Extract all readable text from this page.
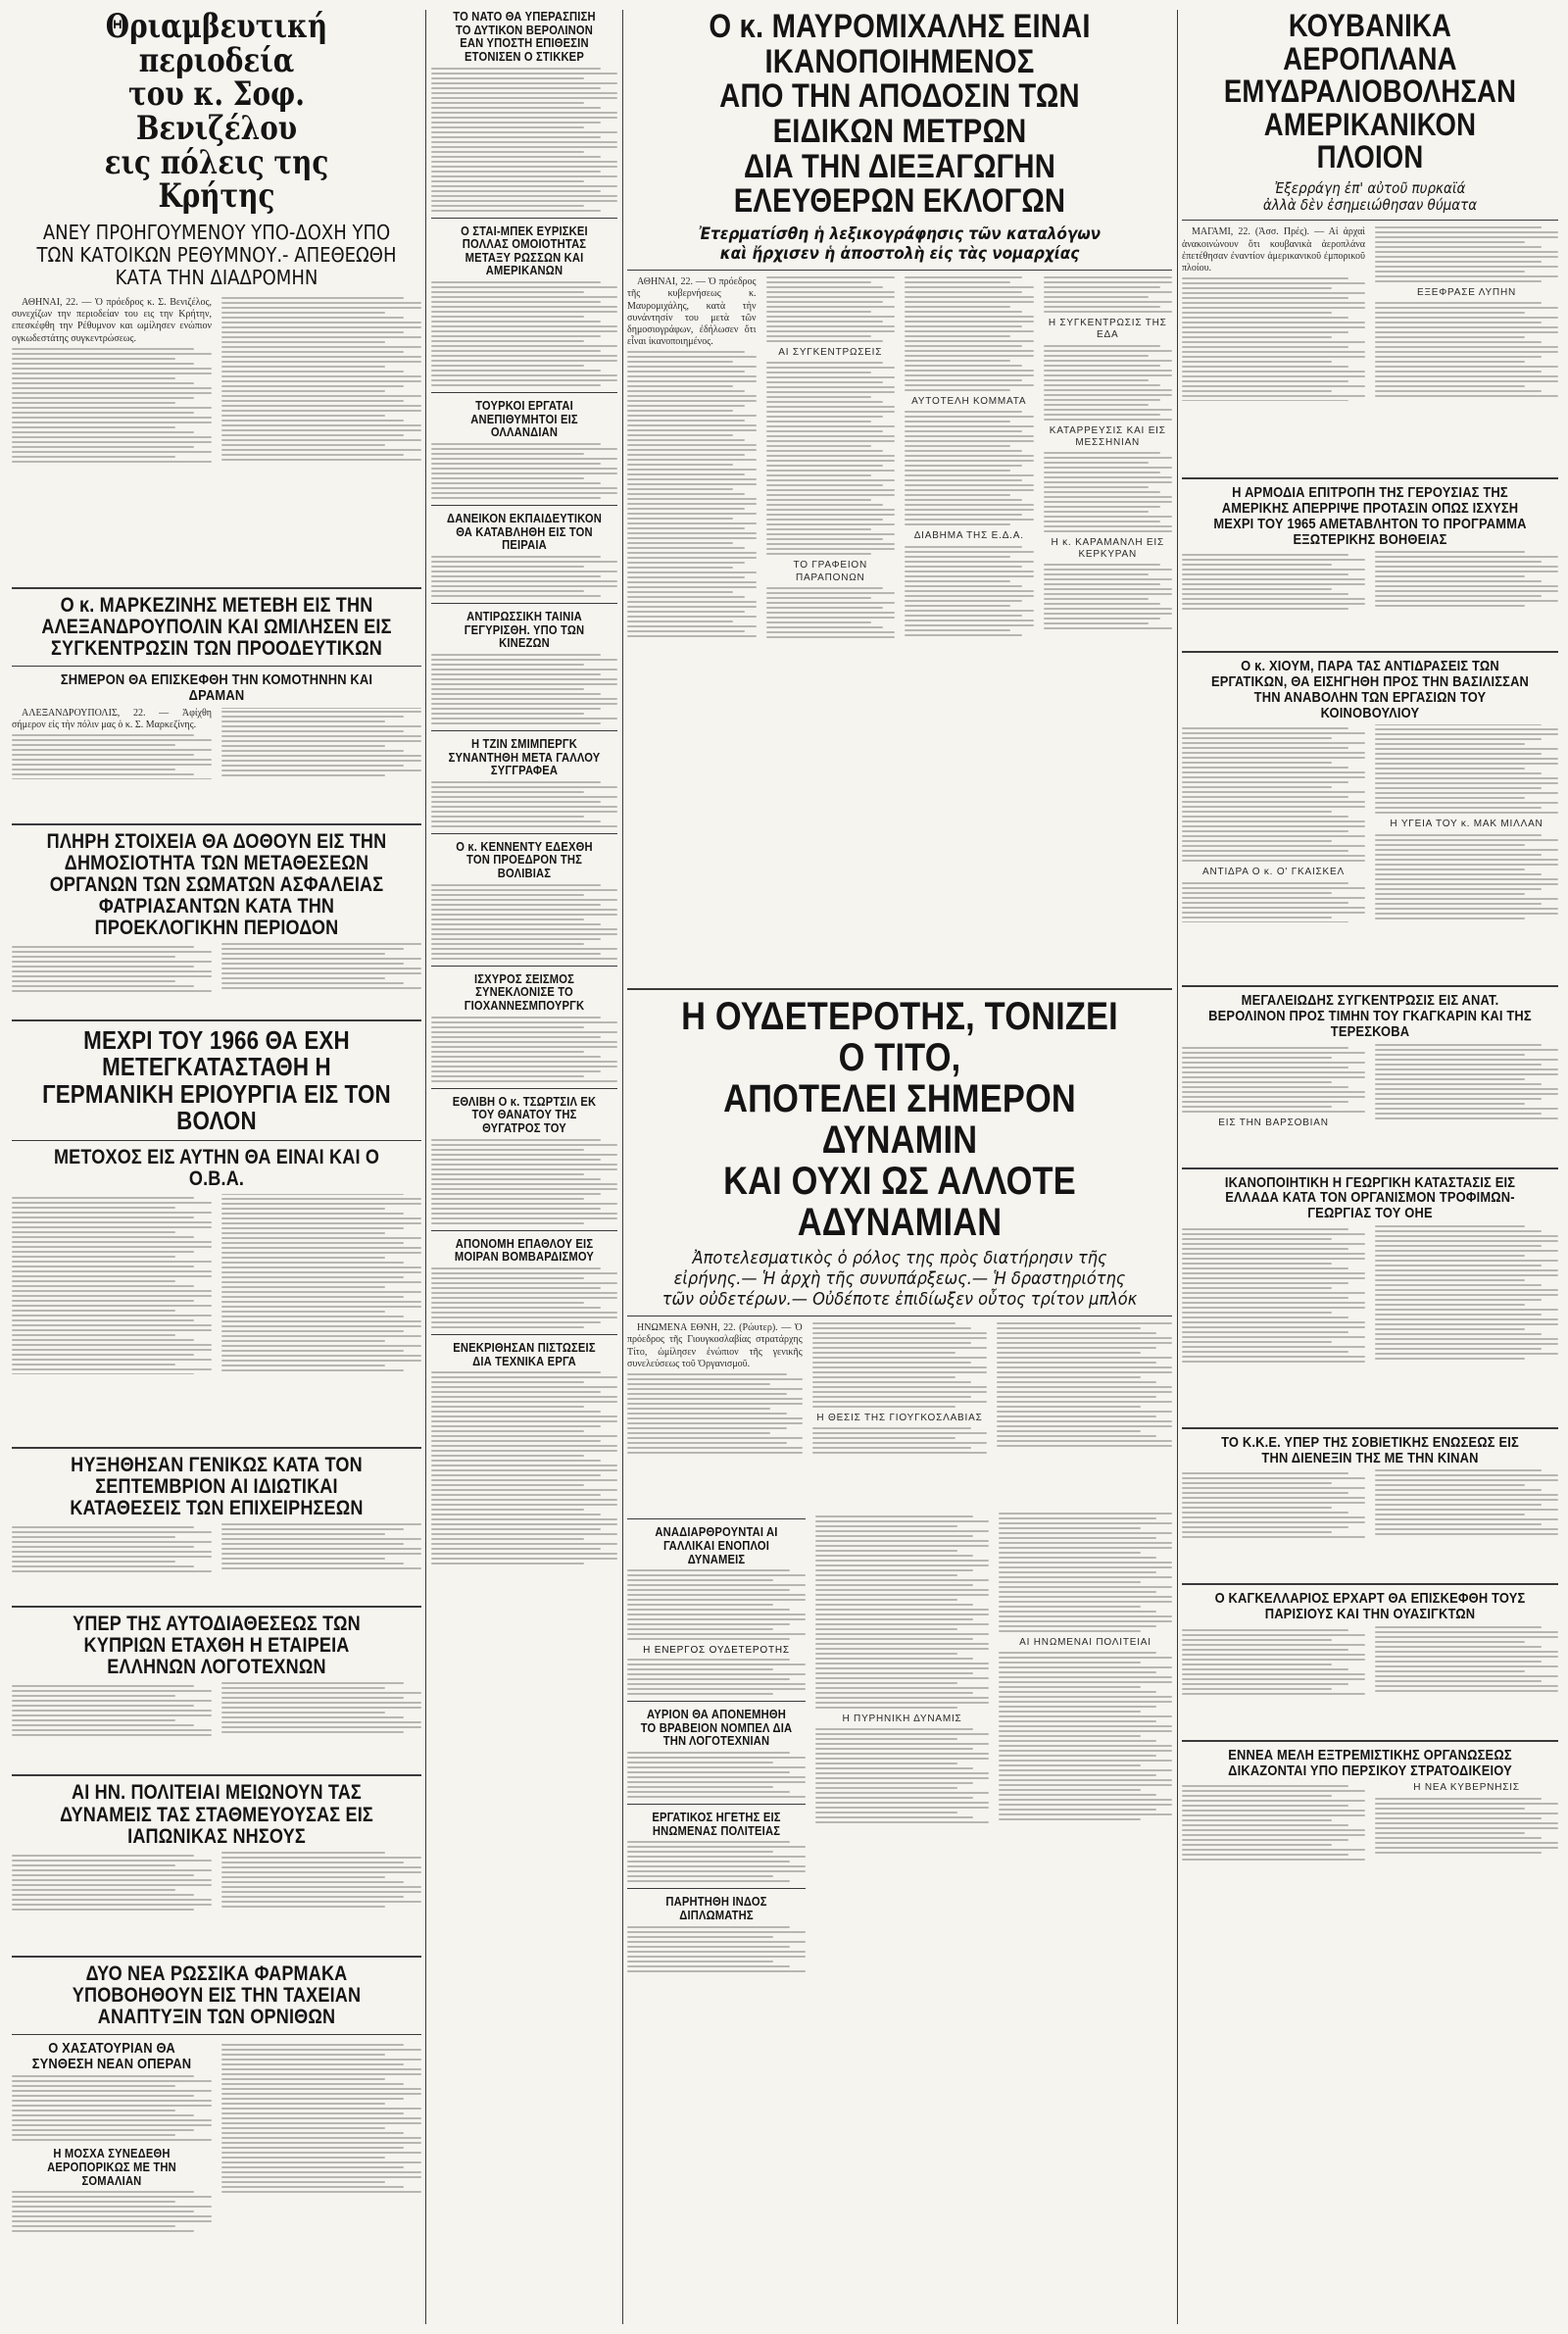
Θριαμβευτική περιοδεία
του κ. Σοφ. Βενιζέλου
εις πόλεις της Κρήτης
ΑΝΕΥ ΠΡΟΗΓΟΥΜΕΝΟΥ ΥΠΟ-ΔΟΧΗ ΥΠΟ ΤΩΝ ΚΑΤΟΙΚΩΝ ΡΕΘΥΜΝΟΥ.- ΑΠΕΘΕΩΘΗ ΚΑΤΑ ΤΗΝ ΔΙΑΔΡΟΜΗΝ

ΑΘΗΝΑΙ, 22. — Ὁ πρόεδρος κ. Σ. Βενιζέλος, συνεχίζων την περιοδείαν του εις την Κρήτην, επεσκέφθη την Ρέθυμνον και ωμίλησεν ενώπιον ογκωδεστάτης συγκεντρώσεως.

Ο κ. ΜΑΡΚΕΖΙΝΗΣ ΜΕΤΕΒΗ ΕΙΣ ΤΗΝ ΑΛΕΞΑΝΔΡΟΥΠΟΛΙΝ ΚΑΙ ΩΜΙΛΗΣΕΝ ΕΙΣ ΣΥΓΚΕΝΤΡΩΣΙΝ ΤΩΝ ΠΡΟΟΔΕΥΤΙΚΩΝ
ΣΗΜΕΡΟΝ ΘΑ ΕΠΙΣΚΕΦΘΗ ΤΗΝ ΚΟΜΟΤΗΝΗΝ ΚΑΙ ΔΡΑΜΑΝ

ΑΛΕΞΑΝΔΡΟΥΠΟΛΙΣ, 22. — Ἀφίχθη σήμερον εἰς τὴν πόλιν μας ὁ κ. Σ. Μαρκεζίνης.

ΠΛΗΡΗ ΣΤΟΙΧΕΙΑ ΘΑ ΔΟΘΟΥΝ ΕΙΣ ΤΗΝ ΔΗΜΟΣΙΟΤΗΤΑ ΤΩΝ ΜΕΤΑΘΕΣΕΩΝ ΟΡΓΑΝΩΝ ΤΩΝ ΣΩΜΑΤΩΝ ΑΣΦΑΛΕΙΑΣ ΦΑΤΡΙΑΣΑΝΤΩΝ ΚΑΤΑ ΤΗΝ ΠΡΟΕΚΛΟΓΙΚΗΝ ΠΕΡΙΟΔΟΝ
ΜΕΧΡΙ ΤΟΥ 1966 ΘΑ ΕΧΗ ΜΕΤΕΓΚΑΤΑΣΤΑΘΗ Η ΓΕΡΜΑΝΙΚΗ ΕΡΙΟΥΡΓΙΑ ΕΙΣ ΤΟΝ ΒΟΛΟΝ
ΜΕΤΟΧΟΣ ΕΙΣ ΑΥΤΗΝ ΘΑ ΕΙΝΑΙ ΚΑΙ Ο Ο.Β.Α.
ΗΥΞΗΘΗΣΑΝ ΓΕΝΙΚΩΣ ΚΑΤΑ ΤΟΝ ΣΕΠΤΕΜΒΡΙΟΝ ΑΙ ΙΔΙΩΤΙΚΑΙ ΚΑΤΑΘΕΣΕΙΣ ΤΩΝ ΕΠΙΧΕΙΡΗΣΕΩΝ
ΥΠΕΡ ΤΗΣ ΑΥΤΟΔΙΑΘΕΣΕΩΣ ΤΩΝ ΚΥΠΡΙΩΝ ΕΤΑΧΘΗ Η ΕΤΑΙΡΕΙΑ ΕΛΛΗΝΩΝ ΛΟΓΟΤΕΧΝΩΝ
ΑΙ ΗΝ. ΠΟΛΙΤΕΙΑΙ ΜΕΙΩΝΟΥΝ ΤΑΣ ΔΥΝΑΜΕΙΣ ΤΑΣ ΣΤΑΘΜΕΥΟΥΣΑΣ ΕΙΣ ΙΑΠΩΝΙΚΑΣ ΝΗΣΟΥΣ
ΔΥΟ ΝΕΑ ΡΩΣΣΙΚΑ ΦΑΡΜΑΚΑ ΥΠΟΒΟΗΘΟΥΝ ΕΙΣ ΤΗΝ ΤΑΧΕΙΑΝ ΑΝΑΠΤΥΞΙΝ ΤΩΝ ΟΡΝΙΘΩΝ
Ο ΧΑΣΑΤΟΥΡΙΑΝ ΘΑ ΣΥΝΘΕΣΗ ΝΕΑΝ ΟΠΕΡΑΝ
Η ΜΟΣΧΑ ΣΥΝΕΔΕΘΗ ΑΕΡΟΠΟΡΙΚΩΣ ΜΕ ΤΗΝ ΣΟΜΑΛΙΑΝ
ΤΟ ΝΑΤΟ ΘΑ ΥΠΕΡΑΣΠΙΣΗ ΤΟ ΔΥΤΙΚΟΝ ΒΕΡΟΛΙΝΟΝ ΕΑΝ ΥΠΟΣΤΗ ΕΠΙΘΕΣΙΝ ΕΤΟΝΙΣΕΝ Ο ΣΤΙΚΚΕΡ
Ο ΣΤΑΙ-ΜΠΕΚ ΕΥΡΙΣΚΕΙ ΠΟΛΛΑΣ ΟΜΟΙΟΤΗΤΑΣ ΜΕΤΑΞΥ ΡΩΣΣΩΝ ΚΑΙ ΑΜΕΡΙΚΑΝΩΝ
ΤΟΥΡΚΟΙ ΕΡΓΑΤΑΙ ΑΝΕΠΙΘΥΜΗΤΟΙ ΕΙΣ ΟΛΛΑΝΔΙΑΝ
ΔΑΝΕΙΚΟΝ ΕΚΠΑΙΔΕΥΤΙΚΟΝ ΘΑ ΚΑΤΑΒΛΗΘΗ ΕΙΣ ΤΟΝ ΠΕΙΡΑΙΑ
ΑΝΤΙΡΩΣΣΙΚΗ ΤΑΙΝΙΑ ΓΕΓΥΡΙΣΘΗ. ΥΠΟ ΤΩΝ ΚΙΝΕΖΩΝ
Η ΤΖΙΝ ΣΜΙΜΠΕΡΓΚ ΣΥΝΑΝΤΗΘΗ ΜΕΤΑ ΓΑΛΛΟΥ ΣΥΓΓΡΑΦΕΑ
Ο κ. ΚΕΝΝΕΝΤΥ ΕΔΕΧΘΗ ΤΟΝ ΠΡΟΕΔΡΟΝ ΤΗΣ ΒΟΛΙΒΙΑΣ
ΙΣΧΥΡΟΣ ΣΕΙΣΜΟΣ ΣΥΝΕΚΛΟΝΙΣΕ ΤΟ ΓΙΟΧΑΝΝΕΣΜΠΟΥΡΓΚ
ΕΘΛΙΒΗ Ο κ. ΤΣΩΡΤΣΙΛ ΕΚ ΤΟΥ ΘΑΝΑΤΟΥ ΤΗΣ ΘΥΓΑΤΡΟΣ ΤΟΥ
ΑΠΟΝΟΜΗ ΕΠΑΘΛΟΥ ΕΙΣ ΜΟΙΡΑΝ ΒΟΜΒΑΡΔΙΣΜΟΥ
ΕΝΕΚΡΙΘΗΣΑΝ ΠΙΣΤΩΣΕΙΣ ΔΙΑ ΤΕΧΝΙΚΑ ΕΡΓΑ
Ο κ. ΜΑΥΡΟΜΙΧΑΛΗΣ ΕΙΝΑΙ ΙΚΑΝΟΠΟΙΗΜΕΝΟΣ
ΑΠΟ ΤΗΝ ΑΠΟΔΟΣΙΝ ΤΩΝ ΕΙΔΙΚΩΝ ΜΕΤΡΩΝ
ΔΙΑ ΤΗΝ ΔΙΕΞΑΓΩΓΗΝ ΕΛΕΥΘΕΡΩΝ ΕΚΛΟΓΩΝ
Ἐτερματίσθη ἡ λεξικογράφησις τῶν καταλόγων
καὶ ἤρχισεν ἡ ἀποστολὴ εἰς τὰς νομαρχίας

ΑΘΗΝΑΙ, 22. — Ὁ πρόεδρος τῆς κυβερνήσεως κ. Μαυρομιχάλης, κατὰ τὴν συνάντησίν του μετὰ τῶν δημοσιογράφων, ἐδήλωσεν ὅτι εἶναι ἱκανοποιημένος.

ΑΙ ΣΥΓΚΕΝΤΡΩΣΕΙΣ
ΤΟ ΓΡΑΦΕΙΟΝ ΠΑΡΑΠΟΝΩΝ
ΑΥΤΟΤΕΛΗ ΚΟΜΜΑΤΑ
ΔΙΑΒΗΜΑ ΤΗΣ Ε.Δ.Α.
Η ΣΥΓΚΕΝΤΡΩΣΙΣ ΤΗΣ ΕΔΑ
ΚΑΤΑΡΡΕΥΣΙΣ ΚΑΙ ΕΙΣ ΜΕΣΣΗΝΙΑΝ
Η κ. ΚΑΡΑΜΑΝΛΗ ΕΙΣ ΚΕΡΚΥΡΑΝ
Η ΟΥΔΕΤΕΡΟΤΗΣ, ΤΟΝΙΖΕΙ Ο ΤΙΤΟ,
ΑΠΟΤΕΛΕΙ ΣΗΜΕΡΟΝ ΔΥΝΑΜΙΝ
ΚΑΙ ΟΥΧΙ ΩΣ ΑΛΛΟΤΕ ΑΔΥΝΑΜΙΑΝ
Ἀποτελεσματικὸς ὁ ρόλος της πρὸς διατήρησιν τῆς εἰρήνης.— Ἡ ἀρχὴ τῆς συνυπάρξεως.— Ἡ δραστηριότης τῶν οὐδετέρων.— Οὐδέποτε ἐπιδίωξεν οὗτος τρίτον μπλόκ

ΗΝΩΜΕΝΑ ΕΘΝΗ, 22. (Ρώυτερ). — Ὁ πρόεδρος τῆς Γιουγκοσλαβίας στρατάρχης Τίτο, ὡμίλησεν ἐνώπιον τῆς γενικῆς συνελεύσεως τοῦ Ὀργανισμοῦ.

Η ΘΕΣΙΣ ΤΗΣ ΓΙΟΥΓΚΟΣΛΑΒΙΑΣ
ΑΝΑΔΙΑΡΘΡΟΥΝΤΑΙ ΑΙ ΓΑΛΛΙΚΑΙ ΕΝΟΠΛΟΙ ΔΥΝΑΜΕΙΣ
Η ΕΝΕΡΓΟΣ ΟΥΔΕΤΕΡΟΤΗΣ
ΑΥΡΙΟΝ ΘΑ ΑΠΟΝΕΜΗΘΗ ΤΟ ΒΡΑΒΕΙΟΝ ΝΟΜΠΕΛ ΔΙΑ ΤΗΝ ΛΟΓΟΤΕΧΝΙΑΝ
ΕΡΓΑΤΙΚΟΣ ΗΓΕΤΗΣ ΕΙΣ ΗΝΩΜΕΝΑΣ ΠΟΛΙΤΕΙΑΣ
ΠΑΡΗΤΗΘΗ ΙΝΔΟΣ ΔΙΠΛΩΜΑΤΗΣ
Η ΠΥΡΗΝΙΚΗ ΔΥΝΑΜΙΣ
ΑΙ ΗΝΩΜΕΝΑΙ ΠΟΛΙΤΕΙΑΙ
ΚΟΥΒΑΝΙΚΑ ΑΕΡΟΠΛΑΝΑ
ΕΜΥΔΡΑΛΙΟΒΟΛΗΣΑΝ
ΑΜΕΡΙΚΑΝΙΚΟΝ ΠΛΟΙΟΝ
Ἐξερράγη ἐπ' αὐτοῦ πυρκαϊά
ἀλλὰ δὲν ἐσημειώθησαν θύματα

ΜΑΓΑΜΙ, 22. (Ἀσσ. Πρές). — Αἱ ἀρχαὶ ἀνακοινώνουν ὅτι κουβανικὰ ἀεροπλάνα ἐπετέθησαν ἐναντίον ἀμερικανικοῦ ἐμπορικοῦ πλοίου.

ΕΞΕΦΡΑΣΕ ΛΥΠΗΝ
Η ΑΡΜΟΔΙΑ ΕΠΙΤΡΟΠΗ ΤΗΣ ΓΕΡΟΥΣΙΑΣ ΤΗΣ ΑΜΕΡΙΚΗΣ ΑΠΕΡΡΙΨΕ ΠΡΟΤΑΣΙΝ ΟΠΩΣ ΙΣΧΥΣΗ ΜΕΧΡΙ ΤΟΥ 1965 ΑΜΕΤΑΒΛΗΤΟΝ ΤΟ ΠΡΟΓΡΑΜΜΑ ΕΞΩΤΕΡΙΚΗΣ ΒΟΗΘΕΙΑΣ
Ο κ. ΧΙΟΥΜ, ΠΑΡΑ ΤΑΣ ΑΝΤΙΔΡΑΣΕΙΣ ΤΩΝ ΕΡΓΑΤΙΚΩΝ, ΘΑ ΕΙΣΗΓΗΘΗ ΠΡΟΣ ΤΗΝ ΒΑΣΙΛΙΣΣΑΝ ΤΗΝ ΑΝΑΒΟΛΗΝ ΤΩΝ ΕΡΓΑΣΙΩΝ ΤΟΥ ΚΟΙΝΟΒΟΥΛΙΟΥ
ΑΝΤΙΔΡΑ Ο κ. Ο' ΓΚΑΙΣΚΕΛ
Η ΥΓΕΙΑ ΤΟΥ κ. ΜΑΚ ΜΙΛΛΑΝ
ΜΕΓΑΛΕΙΩΔΗΣ ΣΥΓΚΕΝΤΡΩΣΙΣ ΕΙΣ ΑΝΑΤ. ΒΕΡΟΛΙΝΟΝ ΠΡΟΣ ΤΙΜΗΝ ΤΟΥ ΓΚΑΓΚΑΡΙΝ ΚΑΙ ΤΗΣ ΤΕΡΕΣΚΟΒΑ
ΕΙΣ ΤΗΝ ΒΑΡΣΟΒΙΑΝ
ΙΚΑΝΟΠΟΙΗΤΙΚΗ Η ΓΕΩΡΓΙΚΗ ΚΑΤΑΣΤΑΣΙΣ ΕΙΣ ΕΛΛΑΔΑ ΚΑΤΑ ΤΟΝ ΟΡΓΑΝΙΣΜΟΝ ΤΡΟΦΙΜΩΝ-ΓΕΩΡΓΙΑΣ ΤΟΥ ΟΗΕ
ΤΟ Κ.Κ.Ε. ΥΠΕΡ ΤΗΣ ΣΟΒΙΕΤΙΚΗΣ ΕΝΩΣΕΩΣ ΕΙΣ ΤΗΝ ΔΙΕΝΕΞΙΝ ΤΗΣ ΜΕ ΤΗΝ ΚΙΝΑΝ
Ο ΚΑΓΚΕΛΛΑΡΙΟΣ ΕΡΧΑΡΤ ΘΑ ΕΠΙΣΚΕΦΘΗ ΤΟΥΣ ΠΑΡΙΣΙΟΥΣ ΚΑΙ ΤΗΝ ΟΥΑΣΙΓΚΤΩΝ
ΕΝΝΕΑ ΜΕΛΗ ΕΞΤΡΕΜΙΣΤΙΚΗΣ ΟΡΓΑΝΩΣΕΩΣ ΔΙΚΑΖΟΝΤΑΙ ΥΠΟ ΠΕΡΣΙΚΟΥ ΣΤΡΑΤΟΔΙΚΕΙΟΥ
Η ΝΕΑ ΚΥΒΕΡΝΗΣΙΣ
